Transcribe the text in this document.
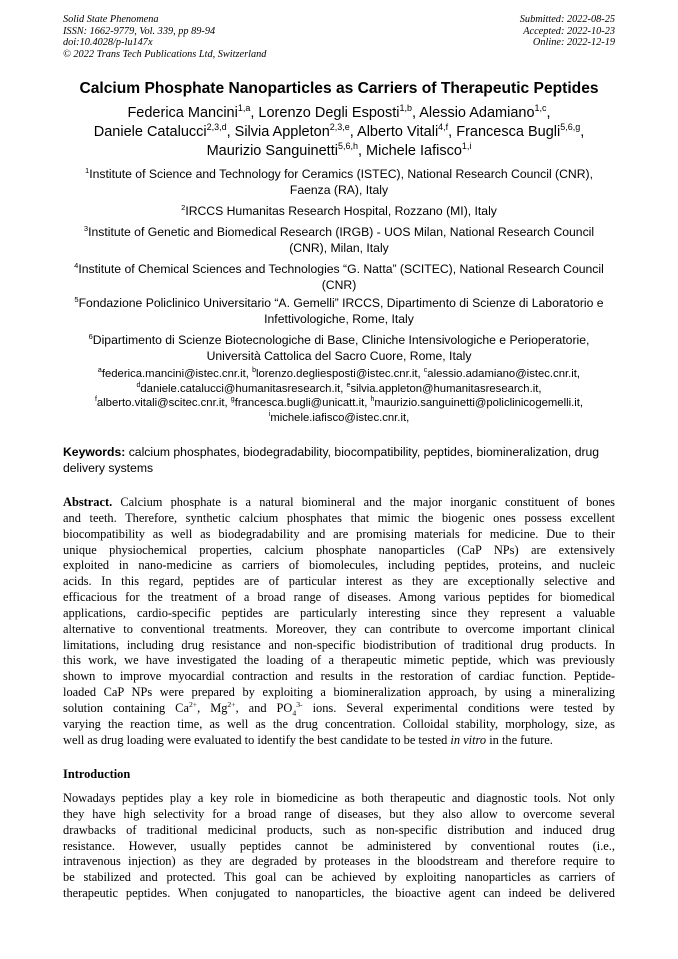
Solid State Phenomena
ISSN: 1662-9779, Vol. 339, pp 89-94
doi:10.4028/p-lu147x
© 2022 Trans Tech Publications Ltd, Switzerland
Submitted: 2022-08-25
Accepted: 2022-10-23
Online: 2022-12-19
Calcium Phosphate Nanoparticles as Carriers of Therapeutic Peptides
Federica Mancini$^{1,a}$, Lorenzo Degli Esposti$^{1,b}$, Alessio Adamiano$^{1,c}$,
Daniele Catalucci$^{2,3,d}$, Silvia Appleton$^{2,3,e}$, Alberto Vitali$^{4,f}$, Francesca Bugli$^{5,6,g}$,
Maurizio Sanguinetti$^{5,6,h}$, Michele Iafisco$^{1,i}$
$^1$Institute of Science and Technology for Ceramics (ISTEC), National Research Council (CNR),
Faenza (RA), Italy
$^2$IRCCS Humanitas Research Hospital, Rozzano (MI), Italy
$^3$Institute of Genetic and Biomedical Research (IRGB) - UOS Milan, National Research Council
(CNR), Milan, Italy
$^4$Institute of Chemical Sciences and Technologies “G. Natta” (SCITEC), National Research Council
(CNR)
$^5$Fondazione Policlinico Universitario “A. Gemelli” IRCCS, Dipartimento di Scienze di Laboratorio e
Infettivologiche, Rome, Italy
$^6$Dipartimento di Scienze Biotecnologiche di Base, Cliniche Intensivologiche e Perioperatorie,
Università Cattolica del Sacro Cuore, Rome, Italy
$^a$federica.mancini@istec.cnr.it, $^b$lorenzo.degliesposti@istec.cnr.it, $^c$alessio.adamiano@istec.cnr.it,
$^d$daniele.catalucci@humanitasresearch.it, $^e$silvia.appleton@humanitasresearch.it,
$^f$alberto.vitali@scitec.cnr.it, $^g$francesca.bugli@unicatt.it, $^h$maurizio.sanguinetti@policlinicogemelli.it,
$^i$michele.iafisco@istec.cnr.it,
Keywords: calcium phosphates, biodegradability, biocompatibility, peptides, biomineralization, drug
delivery systems
Abstract. Calcium phosphate is a natural biomineral and the major inorganic constituent of bones
and teeth. Therefore, synthetic calcium phosphates that mimic the biogenic ones possess excellent
biocompatibility as well as biodegradability and are promising materials for medicine. Due to their
unique physiochemical properties, calcium phosphate nanoparticles (CaP NPs) are extensively
exploited in nano-medicine as carriers of biomolecules, including peptides, proteins, and nucleic
acids. In this regard, peptides are of particular interest as they are exceptionally selective and
efficacious for the treatment of a broad range of diseases. Among various peptides for biomedical
applications, cardio-specific peptides are particularly interesting since they represent a valuable
alternative to conventional treatments. Moreover, they can contribute to overcome important clinical
limitations, including drug resistance and non-specific biodistribution of traditional drug products. In
this work, we have investigated the loading of a therapeutic mimetic peptide, which was previously
shown to improve myocardial contraction and results in the restoration of cardiac function. Peptide-
loaded CaP NPs were prepared by exploiting a biomineralization approach, by using a mineralizing
solution containing $Ca^{2+}$, $Mg^{2+}$, and $PO_4^{3-}$ ions. Several experimental conditions were tested by
varying the reaction time, as well as the drug concentration. Colloidal stability, morphology, size, as
well as drug loading were evaluated to identify the best candidate to be tested in vitro in the future.
Introduction
Nowadays peptides play a key role in biomedicine as both therapeutic and diagnostic tools. Not only
they have high selectivity for a broad range of diseases, but they also allow to overcome several
drawbacks of traditional medicinal products, such as non-specific distribution and induced drug
resistance. However, usually peptides cannot be administered by conventional routes (i.e.,
intravenous injection) as they are degraded by proteases in the bloodstream and therefore require to
be stabilized and protected. This goal can be achieved by exploiting nanoparticles as carriers of
therapeutic peptides. When conjugated to nanoparticles, the bioactive agent can indeed be delivered
